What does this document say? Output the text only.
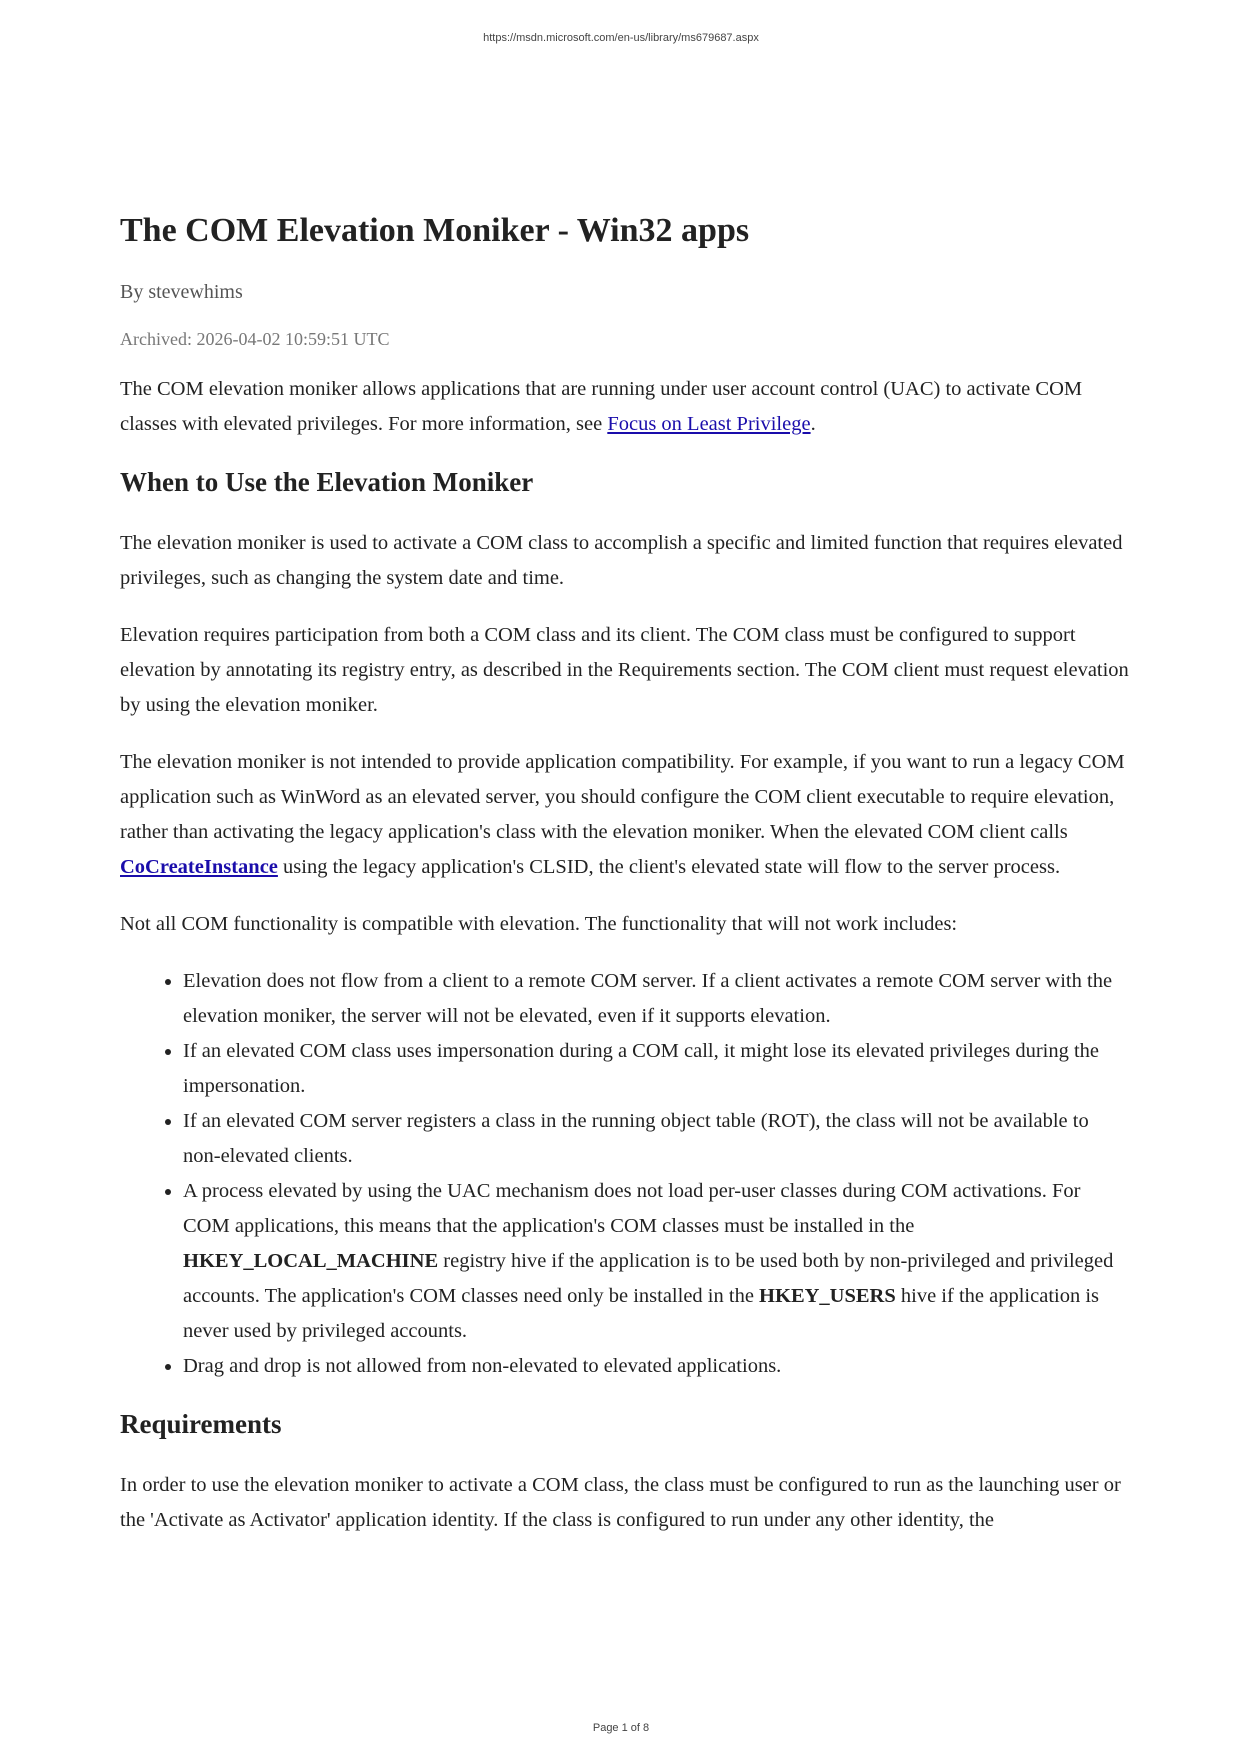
https://msdn.microsoft.com/en-us/library/ms679687.aspx
The COM Elevation Moniker - Win32 apps
By stevewhims
Archived: 2026-04-02 10:59:51 UTC

The COM elevation moniker allows applications that are running under user account control (UAC) to activate COM classes with elevated privileges. For more information, see Focus on Least Privilege.

When to Use the Elevation Moniker

The elevation moniker is used to activate a COM class to accomplish a specific and limited function that requires elevated privileges, such as changing the system date and time.

Elevation requires participation from both a COM class and its client. The COM class must be configured to support elevation by annotating its registry entry, as described in the Requirements section. The COM client must request elevation by using the elevation moniker.

The elevation moniker is not intended to provide application compatibility. For example, if you want to run a legacy COM application such as WinWord as an elevated server, you should configure the COM client executable to require elevation, rather than activating the legacy application's class with the elevation moniker. When the elevated COM client calls CoCreateInstance using the legacy application's CLSID, the client's elevated state will flow to the server process.

Not all COM functionality is compatible with elevation. The functionality that will not work includes:

• Elevation does not flow from a client to a remote COM server. If a client activates a remote COM server with the elevation moniker, the server will not be elevated, even if it supports elevation.
• If an elevated COM class uses impersonation during a COM call, it might lose its elevated privileges during the impersonation.
• If an elevated COM server registers a class in the running object table (ROT), the class will not be available to non-elevated clients.
• A process elevated by using the UAC mechanism does not load per-user classes during COM activations. For COM applications, this means that the application's COM classes must be installed in the HKEY_LOCAL_MACHINE registry hive if the application is to be used both by non-privileged and privileged accounts. The application's COM classes need only be installed in the HKEY_USERS hive if the application is never used by privileged accounts.
• Drag and drop is not allowed from non-elevated to elevated applications.
Requirements

In order to use the elevation moniker to activate a COM class, the class must be configured to run as the launching user or the 'Activate as Activator' application identity. If the class is configured to run under any other identity, the

Page 1 of 8
